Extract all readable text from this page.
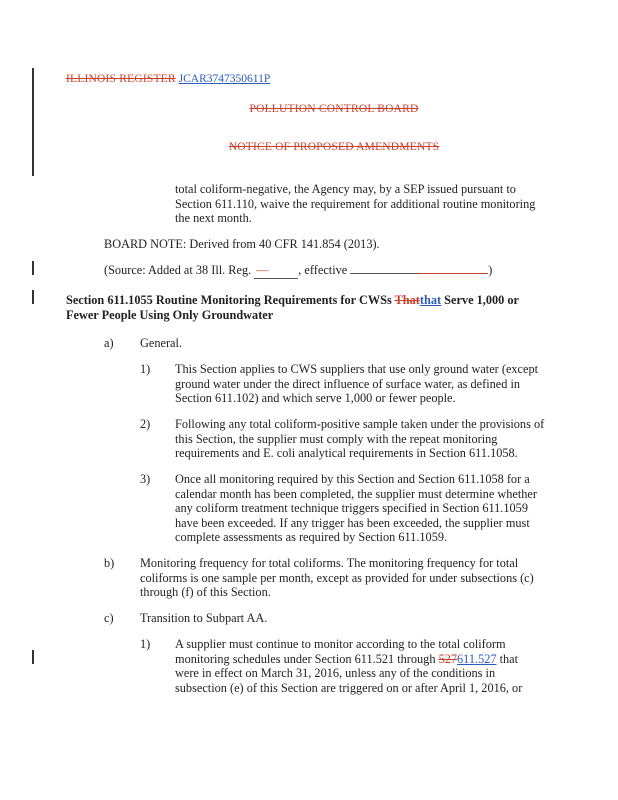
ILLINOIS REGISTER JCAR3747350611P
POLLUTION CONTROL BOARD
NOTICE OF PROPOSED AMENDMENTS
total coliform-negative, the Agency may, by a SEP issued pursuant to
Section 611.110, waive the requirement for additional routine monitoring
the next month.
BOARD NOTE: Derived from 40 CFR 141.854 (2013).
(Source: Added at 38 Ill. Reg. — , effective	)
Section 611.1055 Routine Monitoring Requirements for CWSs Thatthat Serve 1,000 or
Fewer People Using Only Groundwater
a) General.
1) This Section applies to CWS suppliers that use only ground water (except
ground water under the direct influence of surface water, as defined in
Section 611.102) and which serve 1,000 or fewer people.
2) Following any total coliform-positive sample taken under the provisions of
this Section, the supplier must comply with the repeat monitoring
requirements and E. coli analytical requirements in Section 611.1058.
3) Once all monitoring required by this Section and Section 611.1058 for a
calendar month has been completed, the supplier must determine whether
any coliform treatment technique triggers specified in Section 611.1059
have been exceeded. If any trigger has been exceeded, the supplier must
complete assessments as required by Section 611.1059.
b) Monitoring frequency for total coliforms. The monitoring frequency for total
coliforms is one sample per month, except as provided for under subsections (c)
through (f) of this Section.
c) Transition to Subpart AA.
1) A supplier must continue to monitor according to the total coliform
monitoring schedules under Section 611.521 through 527611.527 that
were in effect on March 31, 2016, unless any of the conditions in
subsection (e) of this Section are triggered on or after April 1, 2016, or
